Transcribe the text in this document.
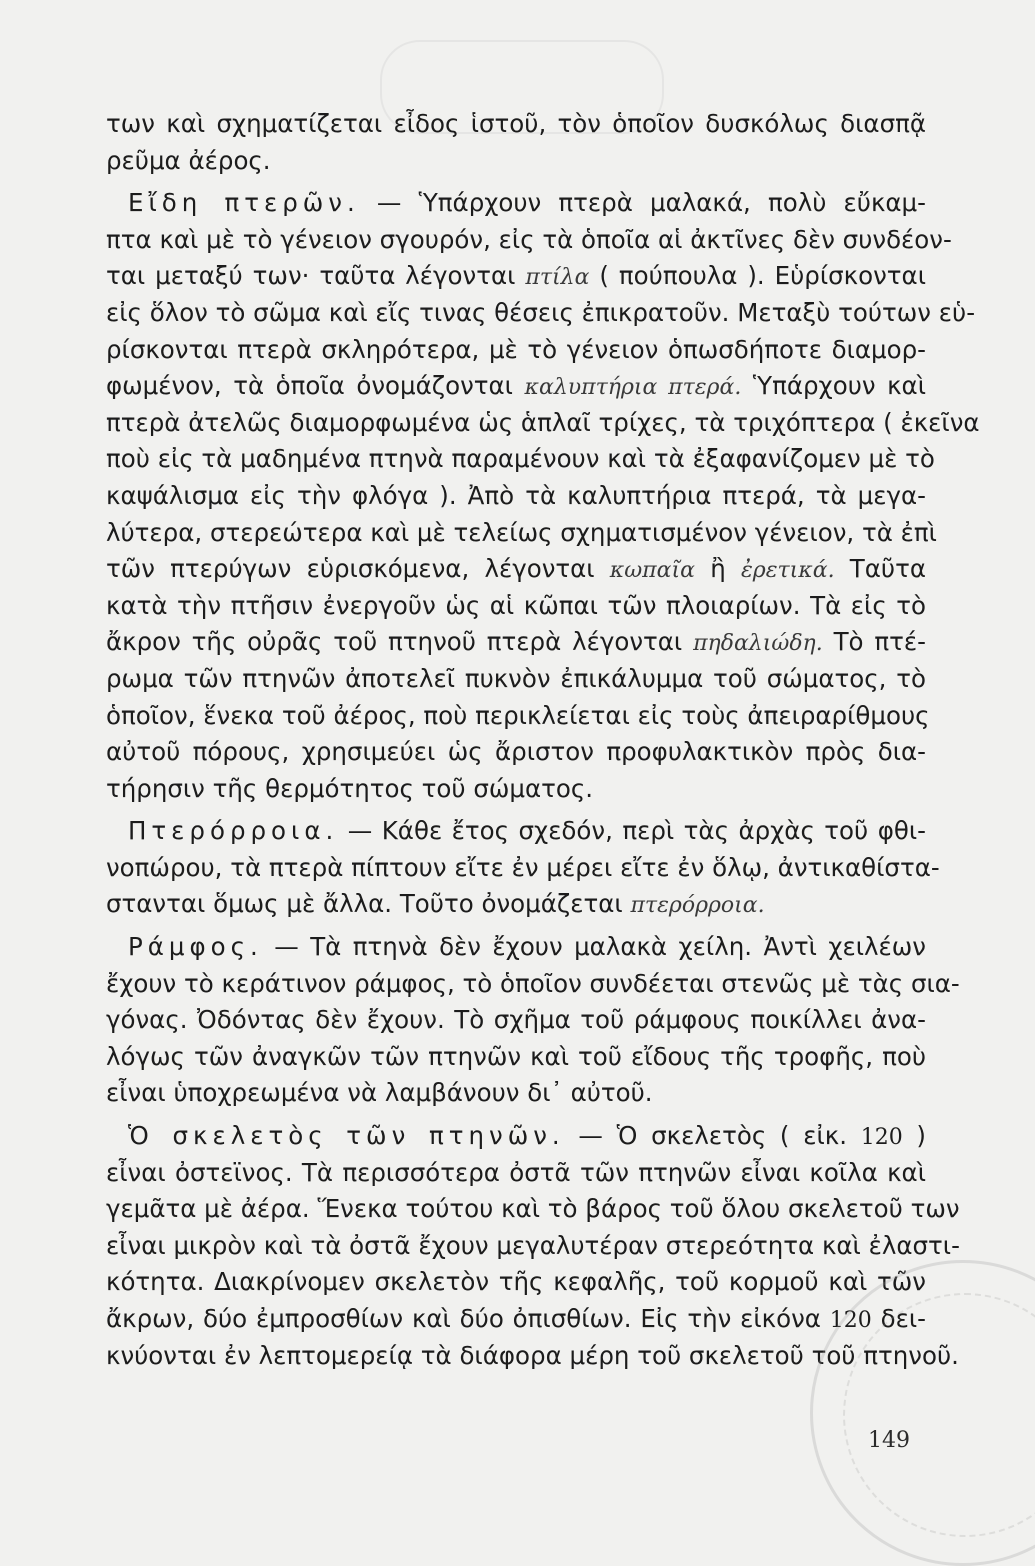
των καὶ σχηματίζεται εἶδος ἱστοῦ, τὸν ὁποῖον δυσκόλως διασπᾷ
ρεῦμα ἀέρος.
Εἴδη πτερῶν. — Ὑπάρχουν πτερὰ μαλακά, πολὺ εὔκαμ-
πτα καὶ μὲ τὸ γένειον σγουρόν, εἰς τὰ ὁποῖα αἱ ἀκτῖνες δὲν συνδέον-
ται μεταξύ των· ταῦτα λέγονται πτίλα ( πούπουλα ). Εὑρίσκονται
εἰς ὅλον τὸ σῶμα καὶ εἴς τινας θέσεις ἐπικρατοῦν. Μεταξὺ τούτων εὑ-
ρίσκονται πτερὰ σκληρότερα, μὲ τὸ γένειον ὁπωσδήποτε διαμορ-
φωμένον, τὰ ὁποῖα ὀνομάζονται καλυπτήρια πτερά. Ὑπάρχουν καὶ
πτερὰ ἀτελῶς διαμορφωμένα ὡς ἁπλαῖ τρίχες, τὰ τριχόπτερα ( ἐκεῖνα
ποὺ εἰς τὰ μαδημένα πτηνὰ παραμένουν καὶ τὰ ἐξαφανίζομεν μὲ τὸ
καψάλισμα εἰς τὴν φλόγα ). Ἀπὸ τὰ καλυπτήρια πτερά, τὰ μεγα-
λύτερα, στερεώτερα καὶ μὲ τελείως σχηματισμένον γένειον, τὰ ἐπὶ
τῶν πτερύγων εὑρισκόμενα, λέγονται κωπαῖα ἢ ἐρετικά. Ταῦτα
κατὰ τὴν πτῆσιν ἐνεργοῦν ὡς αἱ κῶπαι τῶν πλοιαρίων. Τὰ εἰς τὸ
ἄκρον τῆς οὐρᾶς τοῦ πτηνοῦ πτερὰ λέγονται πηδαλιώδη. Τὸ πτέ-
ρωμα τῶν πτηνῶν ἀποτελεῖ πυκνὸν ἐπικάλυμμα τοῦ σώματος, τὸ
ὁποῖον, ἕνεκα τοῦ ἀέρος, ποὺ περικλείεται εἰς τοὺς ἀπειραρίθμους
αὐτοῦ πόρους, χρησιμεύει ὡς ἄριστον προφυλακτικὸν πρὸς δια-
τήρησιν τῆς θερμότητος τοῦ σώματος.
Πτερόρροια. — Κάθε ἔτος σχεδόν, περὶ τὰς ἀρχὰς τοῦ φθι-
νοπώρου, τὰ πτερὰ πίπτουν εἴτε ἐν μέρει εἴτε ἐν ὅλῳ, ἀντικαθίστα-
στανται ὅμως μὲ ἄλλα. Τοῦτο ὀνομάζεται πτερόρροια.
Ράμφος. — Τὰ πτηνὰ δὲν ἔχουν μαλακὰ χείλη. Ἀντὶ χειλέων
ἔχουν τὸ κεράτινον ράμφος, τὸ ὁποῖον συνδέεται στενῶς μὲ τὰς σια-
γόνας. Ὀδόντας δὲν ἔχουν. Τὸ σχῆμα τοῦ ράμφους ποικίλλει ἀνα-
λόγως τῶν ἀναγκῶν τῶν πτηνῶν καὶ τοῦ εἴδους τῆς τροφῆς, ποὺ
εἶναι ὑποχρεωμένα νὰ λαμβάνουν δι᾽ αὐτοῦ.
Ὁ σκελετὸς τῶν πτηνῶν. — Ὁ σκελετὸς ( εἰκ. 120 )
εἶναι ὀστεϊνος. Τὰ περισσότερα ὀστᾶ τῶν πτηνῶν εἶναι κοῖλα καὶ
γεμᾶτα μὲ ἀέρα. Ἕνεκα τούτου καὶ τὸ βάρος τοῦ ὅλου σκελετοῦ των
εἶναι μικρὸν καὶ τὰ ὀστᾶ ἔχουν μεγαλυτέραν στερεότητα καὶ ἐλαστι-
κότητα. Διακρίνομεν σκελετὸν τῆς κεφαλῆς, τοῦ κορμοῦ καὶ τῶν
ἄκρων, δύο ἐμπροσθίων καὶ δύο ὀπισθίων. Εἰς τὴν εἰκόνα 120 δει-
κνύονται ἐν λεπτομερείᾳ τὰ διάφορα μέρη τοῦ σκελετοῦ τοῦ πτηνοῦ.
149
